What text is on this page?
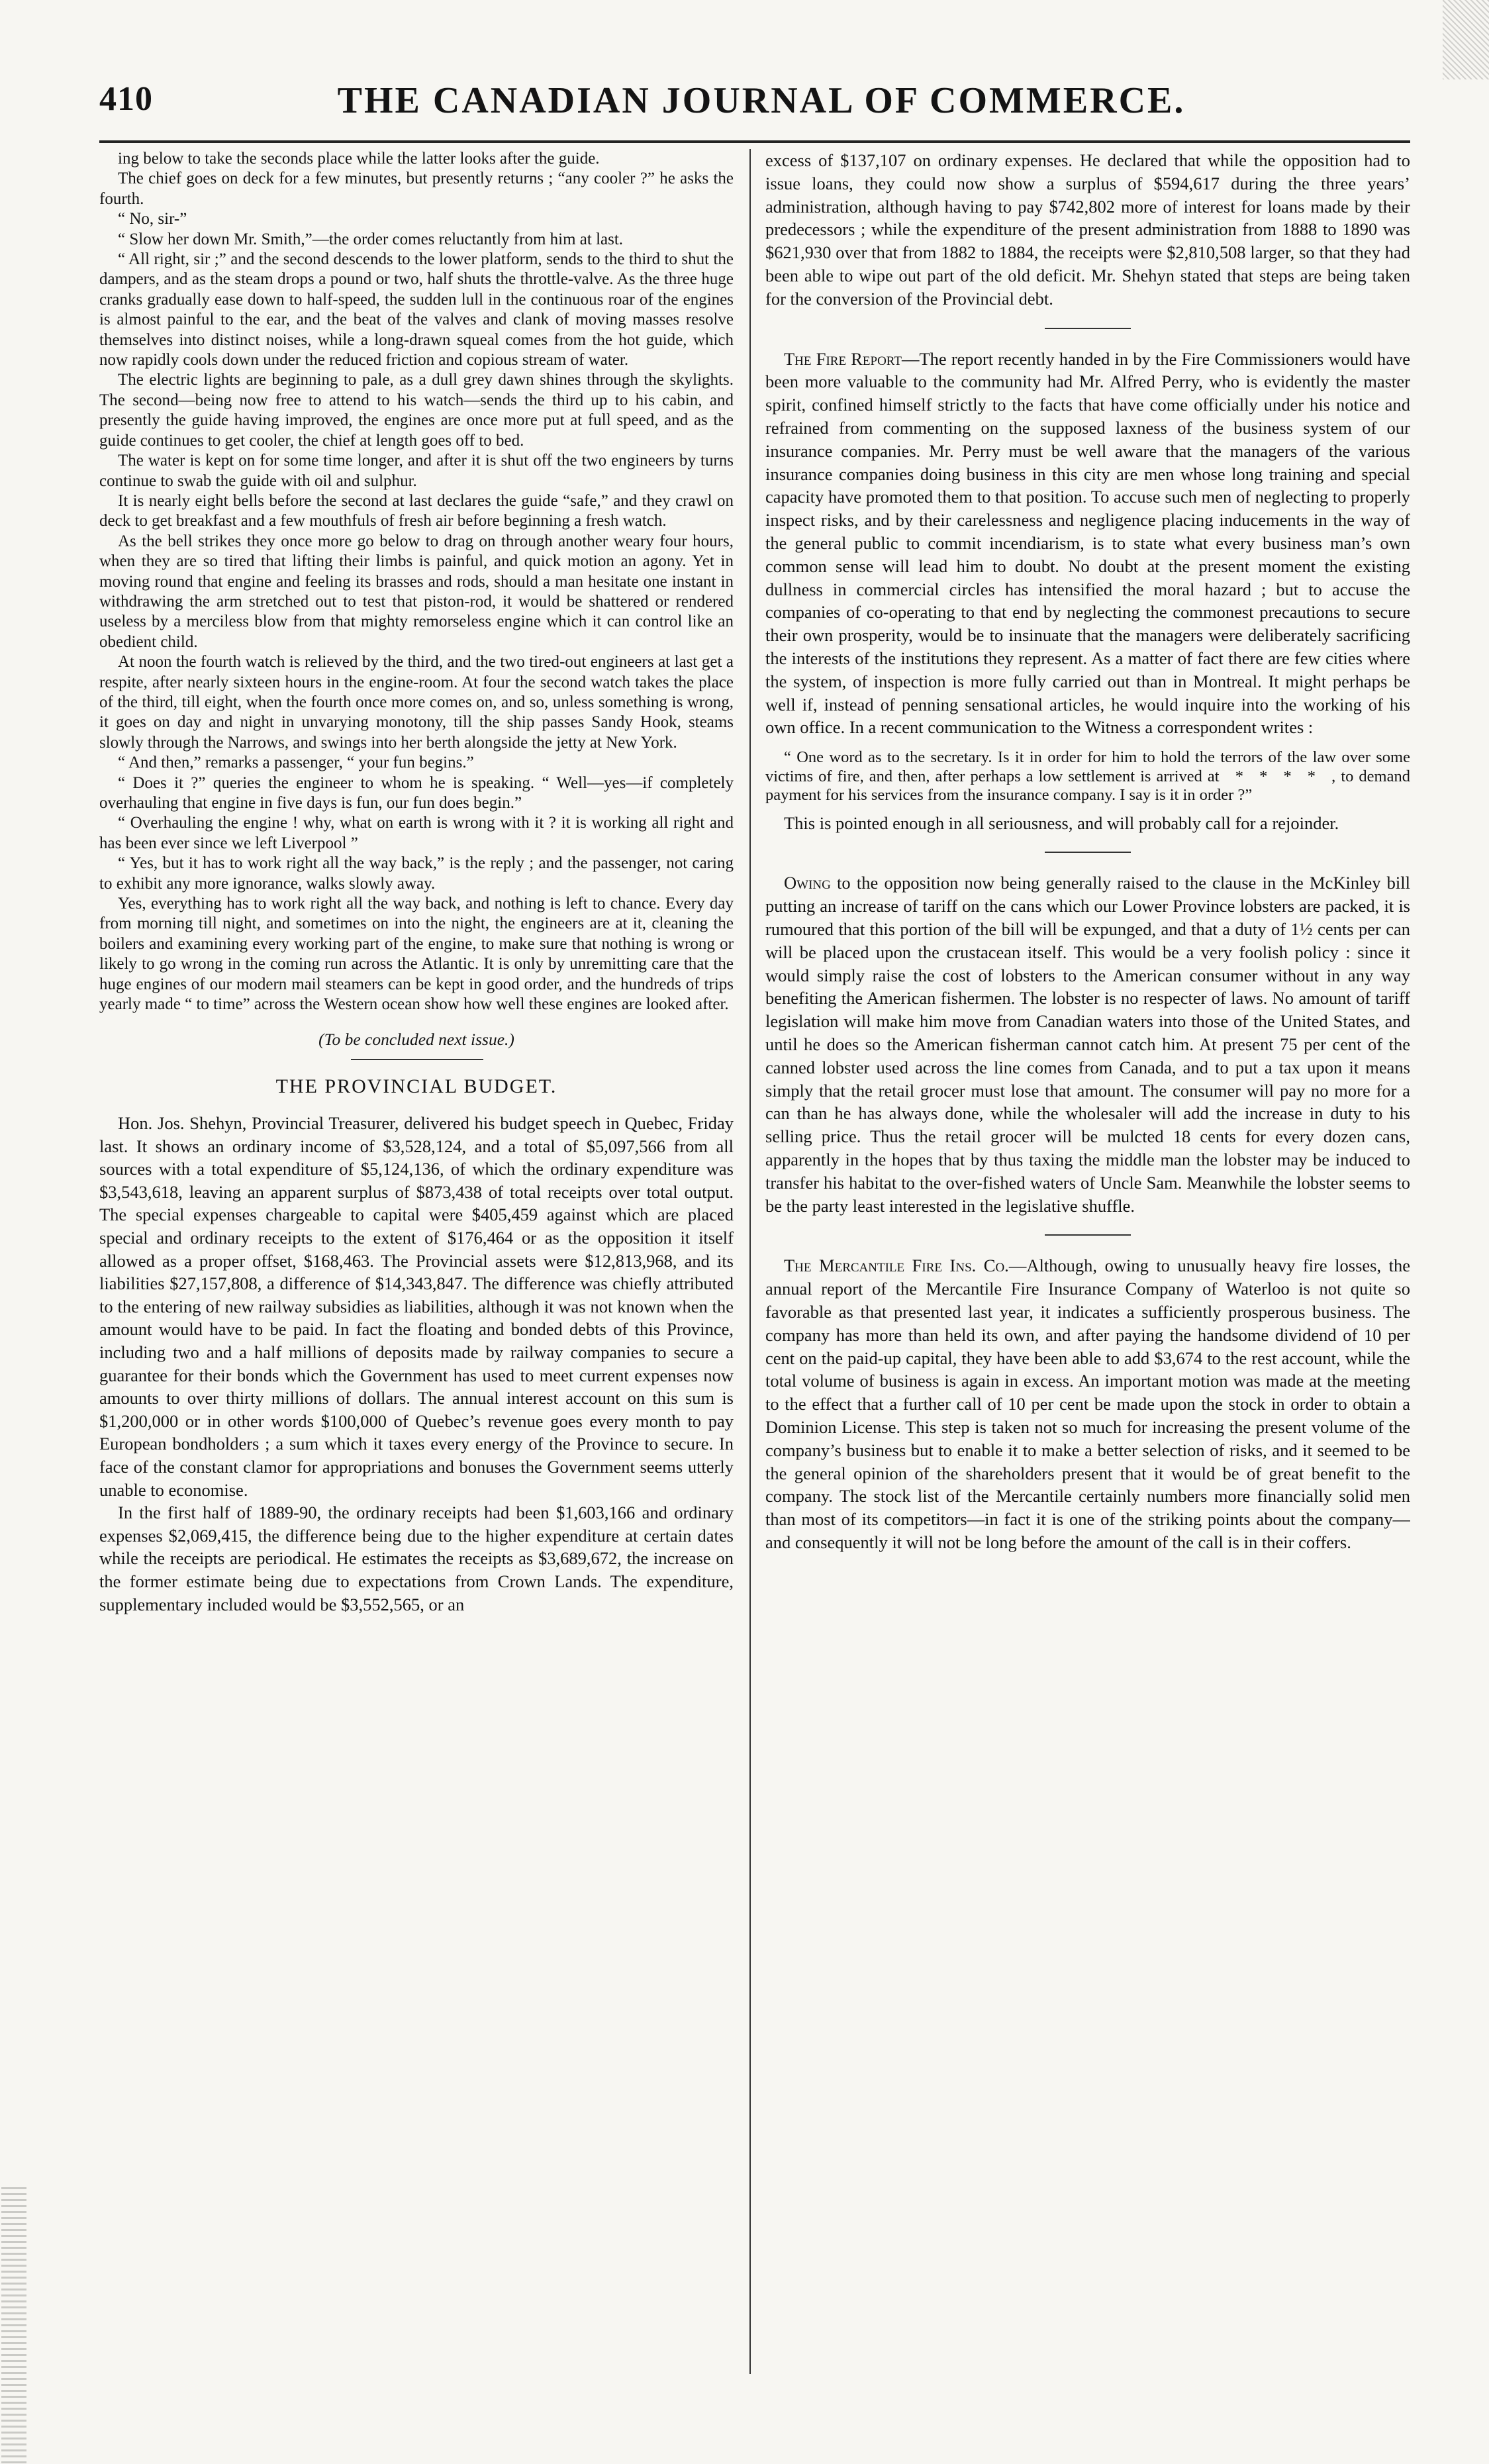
410	THE CANADIAN JOURNAL OF COMMERCE.

ing below to take the seconds place while the latter looks after the guide.

The chief goes on deck for a few minutes, but presently returns ; “any cooler ?” he asks the fourth.

“ No, sir-”

“ Slow her down Mr. Smith,”—the order comes reluctantly from him at last.

“ All right, sir ;” and the second descends to the lower platform, sends to the third to shut the dampers, and as the steam drops a pound or two, half shuts the throttle-valve. As the three huge cranks gradually ease down to half-speed, the sudden lull in the continuous roar of the engines is almost painful to the ear, and the beat of the valves and clank of moving masses resolve themselves into distinct noises, while a long-drawn squeal comes from the hot guide, which now rapidly cools down under the reduced friction and copious stream of water.

The electric lights are beginning to pale, as a dull grey dawn shines through the skylights. The second—being now free to attend to his watch—sends the third up to his cabin, and presently the guide having improved, the engines are once more put at full speed, and as the guide continues to get cooler, the chief at length goes off to bed.

The water is kept on for some time longer, and after it is shut off the two engineers by turns continue to swab the guide with oil and sulphur.

It is nearly eight bells before the second at last declares the guide “safe,” and they crawl on deck to get breakfast and a few mouthfuls of fresh air before beginning a fresh watch.

As the bell strikes they once more go below to drag on through another weary four hours, when they are so tired that lifting their limbs is painful, and quick motion an agony. Yet in moving round that engine and feeling its brasses and rods, should a man hesitate one instant in withdrawing the arm stretched out to test that piston-rod, it would be shattered or rendered useless by a merciless blow from that mighty remorseless engine which it can control like an obedient child.

At noon the fourth watch is relieved by the third, and the two tired-out engineers at last get a respite, after nearly sixteen hours in the engine-room. At four the second watch takes the place of the third, till eight, when the fourth once more comes on, and so, unless something is wrong, it goes on day and night in unvarying monotony, till the ship passes Sandy Hook, steams slowly through the Narrows, and swings into her berth alongside the jetty at New York.

“ And then,” remarks a passenger, “ your fun begins.”

“ Does it ?” queries the engineer to whom he is speaking. “ Well—yes—if completely overhauling that engine in five days is fun, our fun does begin.”

“ Overhauling the engine ! why, what on earth is wrong with it ? it is working all right and has been ever since we left Liverpool ”

“ Yes, but it has to work right all the way back,” is the reply ; and the passenger, not caring to exhibit any more ignorance, walks slowly away.

Yes, everything has to work right all the way back, and nothing is left to chance. Every day from morning till night, and sometimes on into the night, the engineers are at it, cleaning the boilers and examining every working part of the engine, to make sure that nothing is wrong or likely to go wrong in the coming run across the Atlantic. It is only by unremitting care that the huge engines of our modern mail steamers can be kept in good order, and the hundreds of trips yearly made “ to time” across the Western ocean show how well these engines are looked after.

(To be concluded next issue.)

THE PROVINCIAL BUDGET.

Hon. Jos. Shehyn, Provincial Treasurer, delivered his budget speech in Quebec, Friday last. It shows an ordinary income of $3,528,124, and a total of $5,097,566 from all sources with a total expenditure of $5,124,136, of which the ordinary expenditure was $3,543,618, leaving an apparent surplus of $873,438 of total receipts over total output. The special expenses chargeable to capital were $405,459 against which are placed special and ordinary receipts to the extent of $176,464 or as the opposition it itself allowed as a proper offset, $168,463. The Provincial assets were $12,813,968, and its liabilities $27,157,808, a difference of $14,343,847. The difference was chiefly attributed to the entering of new railway subsidies as liabilities, although it was not known when the amount would have to be paid. In fact the floating and bonded debts of this Province, including two and a half millions of deposits made by railway companies to secure a guarantee for their bonds which the Government has used to meet current expenses now amounts to over thirty millions of dollars. The annual interest account on this sum is $1,200,000 or in other words $100,000 of Quebec’s revenue goes every month to pay European bondholders ; a sum which it taxes every energy of the Province to secure. In face of the constant clamor for appropriations and bonuses the Government seems utterly unable to economise.

In the first half of 1889-90, the ordinary receipts had been $1,603,166 and ordinary expenses $2,069,415, the difference being due to the higher expenditure at certain dates while the receipts are periodical. He estimates the receipts as $3,689,672, the increase on the former estimate being due to expectations from Crown Lands. The expenditure, supplementary included would be $3,552,565, or an

excess of $137,107 on ordinary expenses. He declared that while the opposition had to issue loans, they could now show a surplus of $594,617 during the three years’ administration, although having to pay $742,802 more of interest for loans made by their predecessors ; while the expenditure of the present administration from 1888 to 1890 was $621,930 over that from 1882 to 1884, the receipts were $2,810,508 larger, so that they had been able to wipe out part of the old deficit. Mr. Shehyn stated that steps are being taken for the conversion of the Provincial debt.

The Fire Report—The report recently handed in by the Fire Commissioners would have been more valuable to the community had Mr. Alfred Perry, who is evidently the master spirit, confined himself strictly to the facts that have come officially under his notice and refrained from commenting on the supposed laxness of the business system of our insurance companies. Mr. Perry must be well aware that the managers of the various insurance companies doing business in this city are men whose long training and special capacity have promoted them to that position. To accuse such men of neglecting to properly inspect risks, and by their carelessness and negligence placing inducements in the way of the general public to commit incendiarism, is to state what every business man’s own common sense will lead him to doubt. No doubt at the present moment the existing dullness in commercial circles has intensified the moral hazard ; but to accuse the companies of co-operating to that end by neglecting the commonest precautions to secure their own prosperity, would be to insinuate that the managers were deliberately sacrificing the interests of the institutions they represent. As a matter of fact there are few cities where the system, of inspection is more fully carried out than in Montreal. It might perhaps be well if, instead of penning sensational articles, he would inquire into the working of his own office. In a recent communication to the Witness a correspondent writes :

“ One word as to the secretary. Is it in order for him to hold the terrors of the law over some victims of fire, and then, after perhaps a low settlement is arrived at   *   *   *   *   , to demand payment for his services from the insurance company. I say is it in order ?”

This is pointed enough in all seriousness, and will probably call for a rejoinder.

Owing to the opposition now being generally raised to the clause in the McKinley bill putting an increase of tariff on the cans which our Lower Province lobsters are packed, it is rumoured that this portion of the bill will be expunged, and that a duty of 1½ cents per can will be placed upon the crustacean itself. This would be a very foolish policy : since it would simply raise the cost of lobsters to the American consumer without in any way benefiting the American fishermen. The lobster is no respecter of laws. No amount of tariff legislation will make him move from Canadian waters into those of the United States, and until he does so the American fisherman cannot catch him. At present 75 per cent of the canned lobster used across the line comes from Canada, and to put a tax upon it means simply that the retail grocer must lose that amount. The consumer will pay no more for a can than he has always done, while the wholesaler will add the increase in duty to his selling price. Thus the retail grocer will be mulcted 18 cents for every dozen cans, apparently in the hopes that by thus taxing the middle man the lobster may be induced to transfer his habitat to the over-fished waters of Uncle Sam. Meanwhile the lobster seems to be the party least interested in the legislative shuffle.

The Mercantile Fire Ins. Co.—Although, owing to unusually heavy fire losses, the annual report of the Mercantile Fire Insurance Company of Waterloo is not quite so favorable as that presented last year, it indicates a sufficiently prosperous business. The company has more than held its own, and after paying the handsome dividend of 10 per cent on the paid-up capital, they have been able to add $3,674 to the rest account, while the total volume of business is again in excess. An important motion was made at the meeting to the effect that a further call of 10 per cent be made upon the stock in order to obtain a Dominion License. This step is taken not so much for increasing the present volume of the company’s business but to enable it to make a better selection of risks, and it seemed to be the general opinion of the shareholders present that it would be of great benefit to the company. The stock list of the Mercantile certainly numbers more financially solid men than most of its competitors—in fact it is one of the striking points about the company—and consequently it will not be long before the amount of the call is in their coffers.
